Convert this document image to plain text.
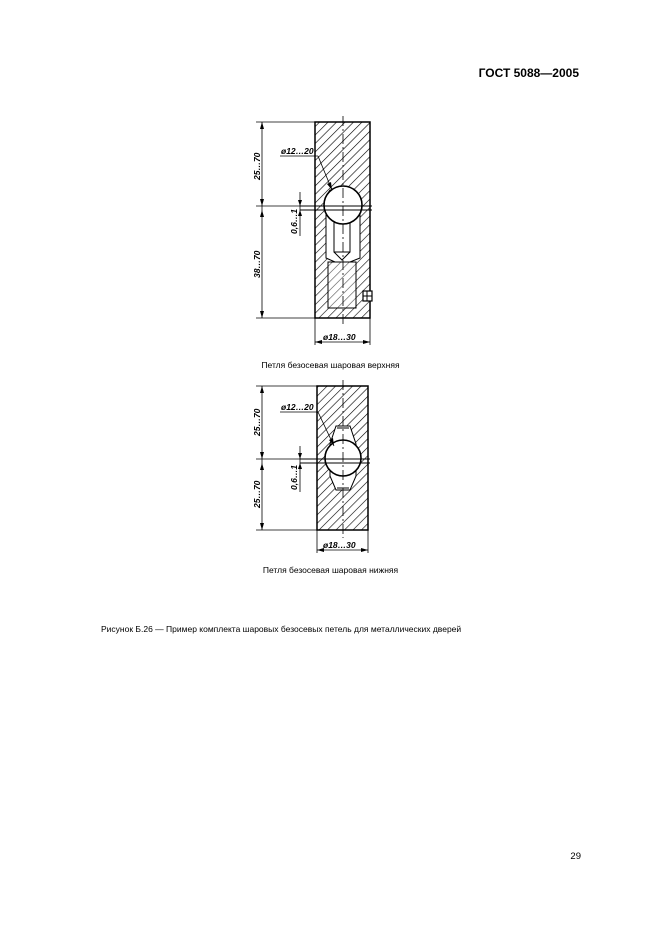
ГОСТ 5088—2005
ø12…20
25…70
0,6…1
38…70
ø18…30
ø12…20
25…70
0,6…1
25…70
ø18…30
Петля безосевая шаровая верхняя
Петля безосевая шаровая нижняя
Рисунок Б.26 — Пример комплекта шаровых безосевых петель для металлических дверей
29
